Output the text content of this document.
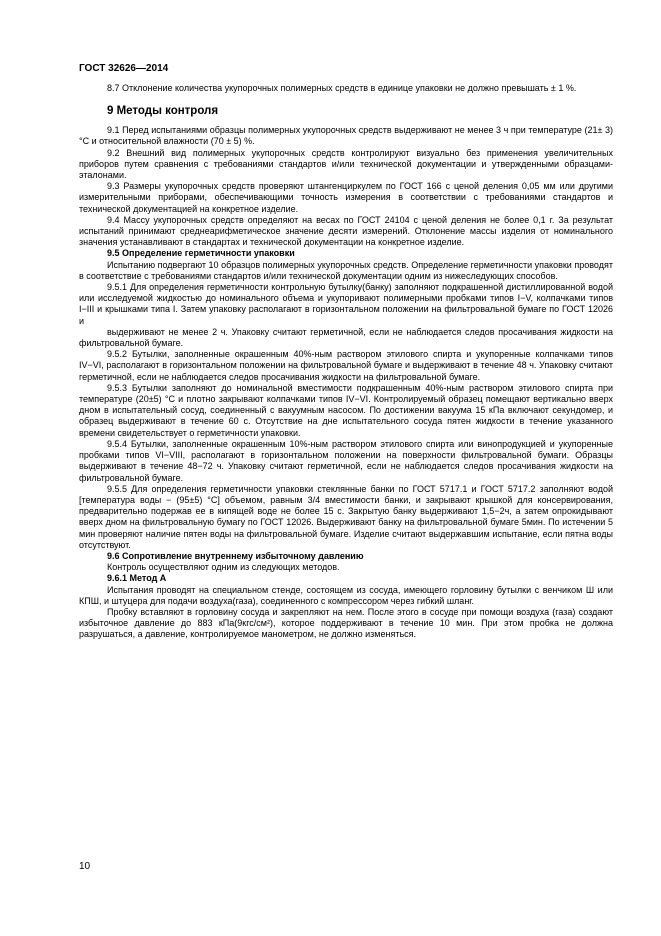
ГОСТ 32626—2014

8.7 Отклонение количества укупорочных полимерных средств в единице упаковки не должно превышать ± 1 %.

9 Методы контроля

9.1 Перед испытаниями образцы полимерных укупорочных средств выдерживают не менее 3 ч при температуре (21± 3) °С и относительной влажности (70 ± 5) %.

9.2 Внешний вид полимерных укупорочных средств контролируют визуально без применения увеличительных приборов путем сравнения с требованиями стандартов и/или технической документации и утвержденными образцами-эталонами.

9.3 Размеры укупорочных средств проверяют штангенциркулем по ГОСТ 166 с ценой деления 0,05 мм или другими измерительными приборами, обеспечивающими точность измерения в соответствии с требованиями стандартов и технической документацией на конкретное изделие.

9.4 Массу укупорочных средств определяют на весах по ГОСТ 24104 с ценой деления не более 0,1 г. За результат испытаний принимают среднеарифметическое значение десяти измерений. Отклонение массы изделия от номинального значения устанавливают в стандартах и технической документации на конкретное изделие.

9.5 Определение герметичности упаковки

Испытанию подвергают 10 образцов полимерных укупорочных средств. Определение герметичности упаковки проводят в соответствие с требованиями стандартов и/или технической документации одним из нижеследующих способов.

9.5.1 Для определения герметичности контрольную бутылку(банку) заполняют подкрашенной дистиллированной водой или исследуемой жидкостью до номинального объема и укупоривают полимерными пробками типов I−V, колпачками типов I−III и крышками типа I. Затем упаковку располагают в горизонтальном положении на фильтровальной бумаге по ГОСТ 12026 и

выдерживают не менее 2 ч. Упаковку считают герметичной, если не наблюдается следов просачивания жидкости на фильтровальной бумаге.

9.5.2 Бутылки, заполненные окрашенным 40%-ным раствором этилового спирта и укупоренные колпачками типов IV−VI, располагают в горизонтальном положении на фильтровальной бумаге и выдерживают в течение 48 ч. Упаковку считают герметичной, если не наблюдается следов просачивания жидкости на фильтровальной бумаге.

9.5.3 Бутылки заполняют до номинальной вместимости подкрашенным 40%-ным раствором этилового спирта при температуре (20±5) °С и плотно закрывают колпачками типов IV−VI. Контролируемый образец помещают вертикально вверх дном в испытательный сосуд, соединенный с вакуумным насосом. По достижении вакуума 15 кПа включают секундомер, и образец выдерживают в течение 60 с. Отсутствие на дне испытательного сосуда пятен жидкости в течение указанного времени свидетельствует о герметичности упаковки.

9.5.4 Бутылки, заполненные окрашенным 10%-ным раствором этилового спирта или винопродукцией и укупоренные пробками типов VI−VIII, располагают в горизонтальном положении на поверхности фильтровальной бумаги. Образцы выдерживают в течение 48−72 ч. Упаковку считают герметичной, если не наблюдается следов просачивания жидкости на фильтровальной бумаге.

9.5.5 Для определения герметичности упаковки стеклянные банки по ГОСТ 5717.1 и ГОСТ 5717.2 заполняют водой [температура воды − (95±5) °С] объемом, равным 3/4 вместимости банки, и закрывают крышкой для консервирования, предварительно подержав ее в кипящей воде не более 15 с. Закрытую банку выдерживают 1,5−2ч, а затем опрокидывают вверх дном на фильтровальную бумагу по ГОСТ 12026. Выдерживают банку на фильтровальной бумаге 5мин. По истечении 5 мин проверяют наличие пятен воды на фильтровальной бумаге. Изделие считают выдержавшим испытание, если пятна воды отсутствуют.

9.6 Сопротивление внутреннему избыточному давлению

Контроль осуществляют одним из следующих методов.

9.6.1 Метод А

Испытания проводят на специальном стенде, состоящем из сосуда, имеющего горловину бутылки с венчиком Ш или КПШ, и штуцера для подачи воздуха(газа), соединенного с компрессором через гибкий шланг.

Пробку вставляют в горловину сосуда и закрепляют на нем. После этого в сосуде при помощи воздуха (газа) создают избыточное давление до 883 кПа(9кгс/см²), которое поддерживают в течение 10 мин. При этом пробка не должна разрушаться, а давление, контролируемое манометром, не должно изменяться.

10
